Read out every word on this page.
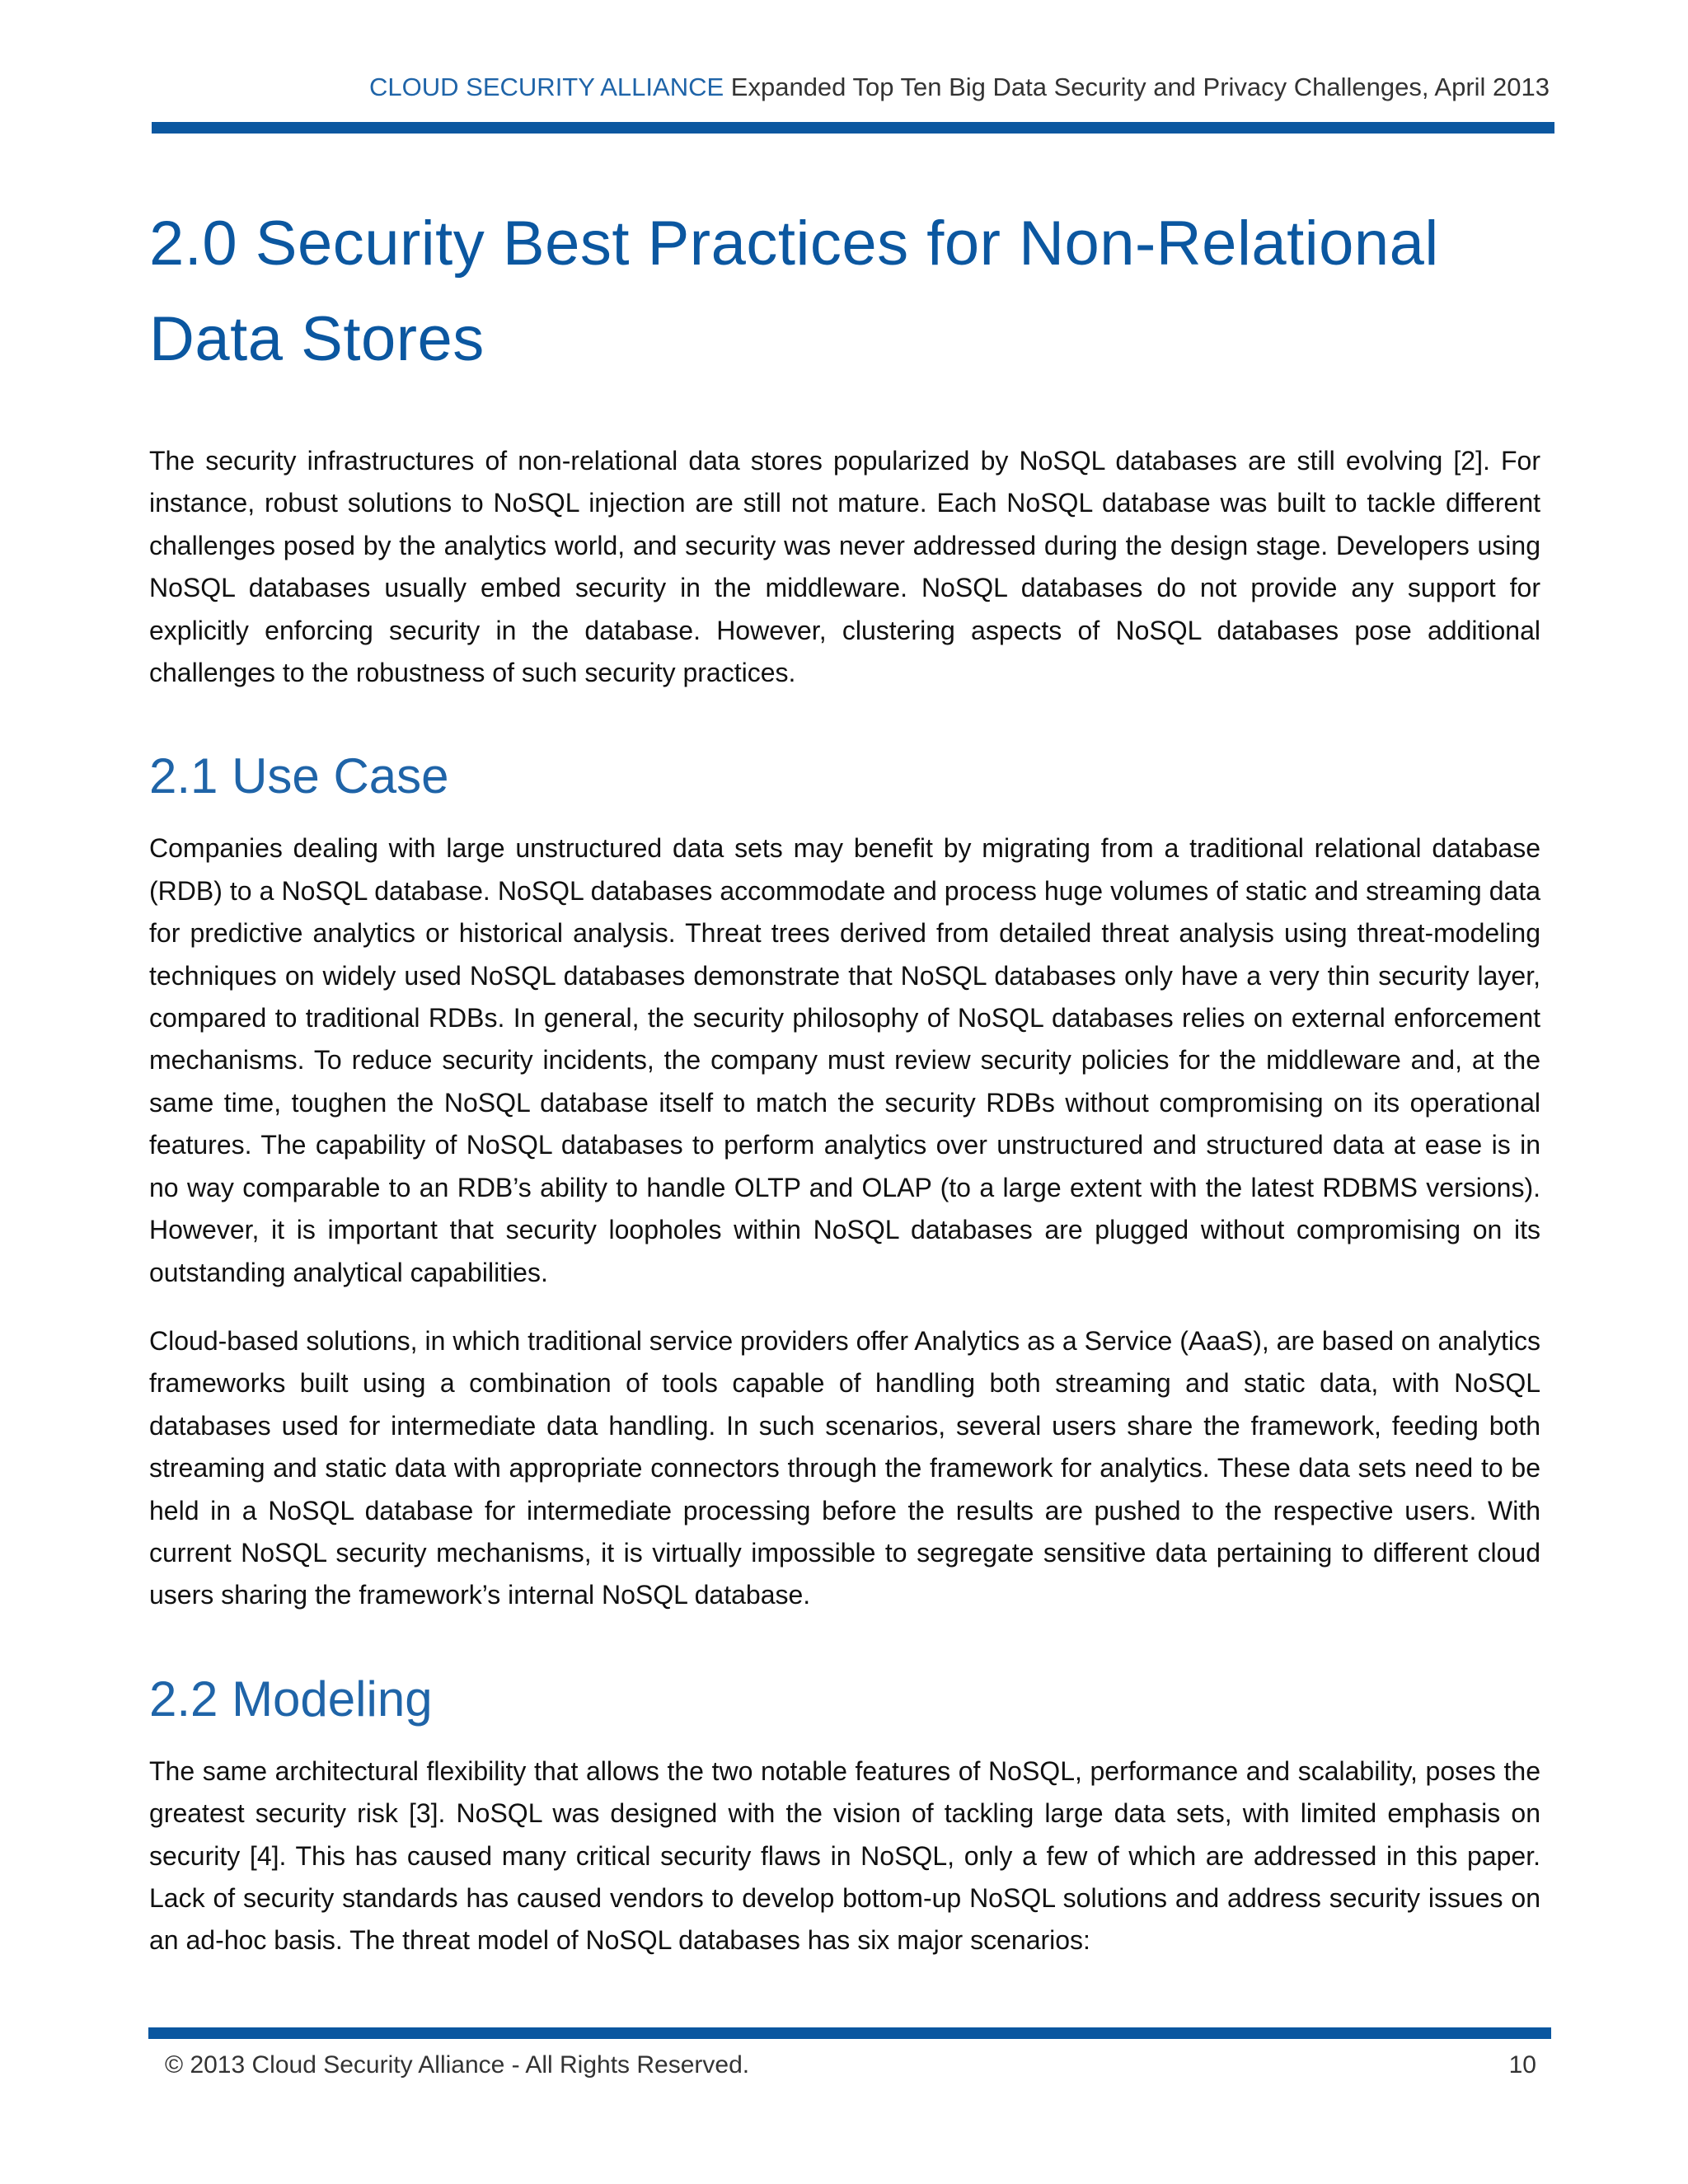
CLOUD SECURITY ALLIANCE Expanded Top Ten Big Data Security and Privacy Challenges, April 2013
2.0 Security Best Practices for Non-Relational Data Stores

The security infrastructures of non-relational data stores popularized by NoSQL databases are still evolving [2]. For instance, robust solutions to NoSQL injection are still not mature. Each NoSQL database was built to tackle different challenges posed by the analytics world, and security was never addressed during the design stage. Developers using NoSQL databases usually embed security in the middleware. NoSQL databases do not provide any support for explicitly enforcing security in the database. However, clustering aspects of NoSQL databases pose additional challenges to the robustness of such security practices.

2.1 Use Case

Companies dealing with large unstructured data sets may benefit by migrating from a traditional relational database (RDB) to a NoSQL database. NoSQL databases accommodate and process huge volumes of static and streaming data for predictive analytics or historical analysis. Threat trees derived from detailed threat analysis using threat-modeling techniques on widely used NoSQL databases demonstrate that NoSQL databases only have a very thin security layer, compared to traditional RDBs. In general, the security philosophy of NoSQL databases relies on external enforcement mechanisms. To reduce security incidents, the company must review security policies for the middleware and, at the same time, toughen the NoSQL database itself to match the security RDBs without compromising on its operational features. The capability of NoSQL databases to perform analytics over unstructured and structured data at ease is in no way comparable to an RDB’s ability to handle OLTP and OLAP (to a large extent with the latest RDBMS versions). However, it is important that security loopholes within NoSQL databases are plugged without compromising on its outstanding analytical capabilities.

Cloud-based solutions, in which traditional service providers offer Analytics as a Service (AaaS), are based on analytics frameworks built using a combination of tools capable of handling both streaming and static data, with NoSQL databases used for intermediate data handling. In such scenarios, several users share the framework, feeding both streaming and static data with appropriate connectors through the framework for analytics. These data sets need to be held in a NoSQL database for intermediate processing before the results are pushed to the respective users. With current NoSQL security mechanisms, it is virtually impossible to segregate sensitive data pertaining to different cloud users sharing the framework’s internal NoSQL database.

2.2 Modeling

The same architectural flexibility that allows the two notable features of NoSQL, performance and scalability, poses the greatest security risk [3]. NoSQL was designed with the vision of tackling large data sets, with limited emphasis on security [4]. This has caused many critical security flaws in NoSQL, only a few of which are addressed in this paper. Lack of security standards has caused vendors to develop bottom-up NoSQL solutions and address security issues on an ad-hoc basis. The threat model of NoSQL databases has six major scenarios:

© 2013 Cloud Security Alliance - All Rights Reserved.	10
